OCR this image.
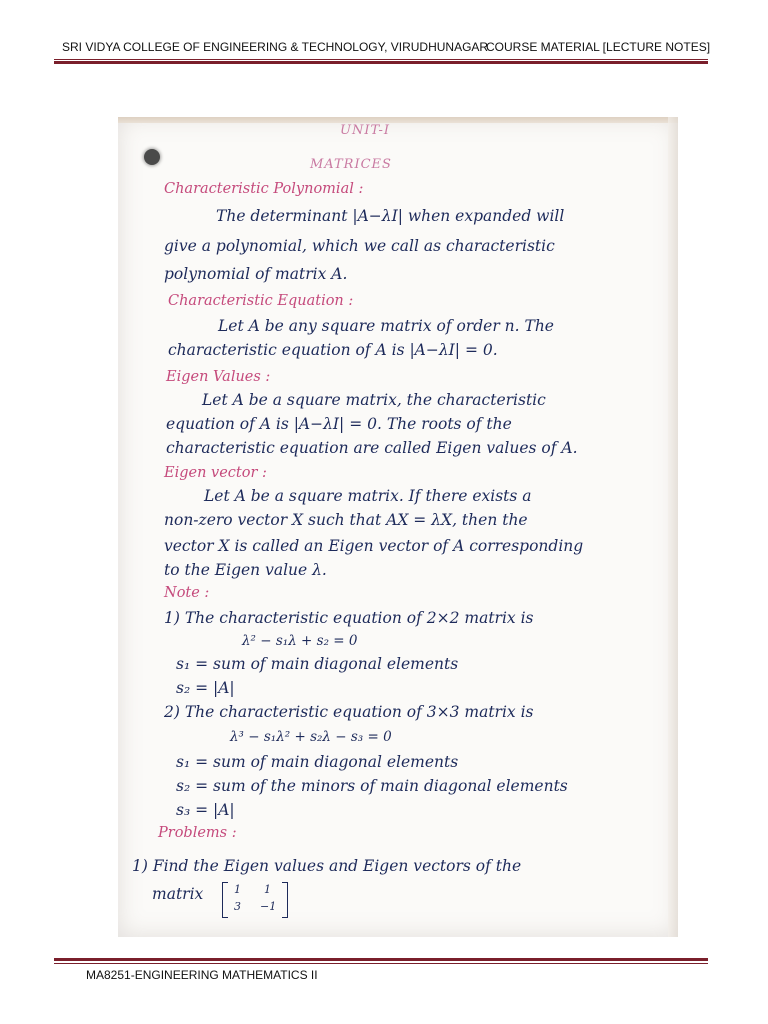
SRI VIDYA COLLEGE OF ENGINEERING & TECHNOLOGY, VIRUDHUNAGAR
COURSE MATERIAL [LECTURE NOTES]
UNIT-I
MATRICES
Characteristic Polynomial :
The determinant |A−λI| when expanded will
give a polynomial, which we call as characteristic
polynomial of matrix A.
Characteristic Equation :
Let A be any square matrix of order n. The
characteristic equation of A is |A−λI| = 0.
Eigen Values :
Let A be a square matrix, the characteristic
equation of A is |A−λI| = 0. The roots of the
characteristic equation are called Eigen values of A.
Eigen vector :
Let A be a square matrix. If there exists a
non-zero vector X such that AX = λX, then the
vector X is called an Eigen vector of A corresponding
to the Eigen value λ.
Note :
1) The characteristic equation of 2×2 matrix is
λ² − s₁λ + s₂ = 0
s₁ = sum of main diagonal elements
s₂ = |A|
2) The characteristic equation of 3×3 matrix is
λ³ − s₁λ² + s₂λ − s₃ = 0
s₁ = sum of main diagonal elements
s₂ = sum of the minors of main diagonal elements
s₃ = |A|
Problems :
1) Find the Eigen values and Eigen vectors of the
matrix	1 1
3 −1
MA8251-ENGINEERING MATHEMATICS II
